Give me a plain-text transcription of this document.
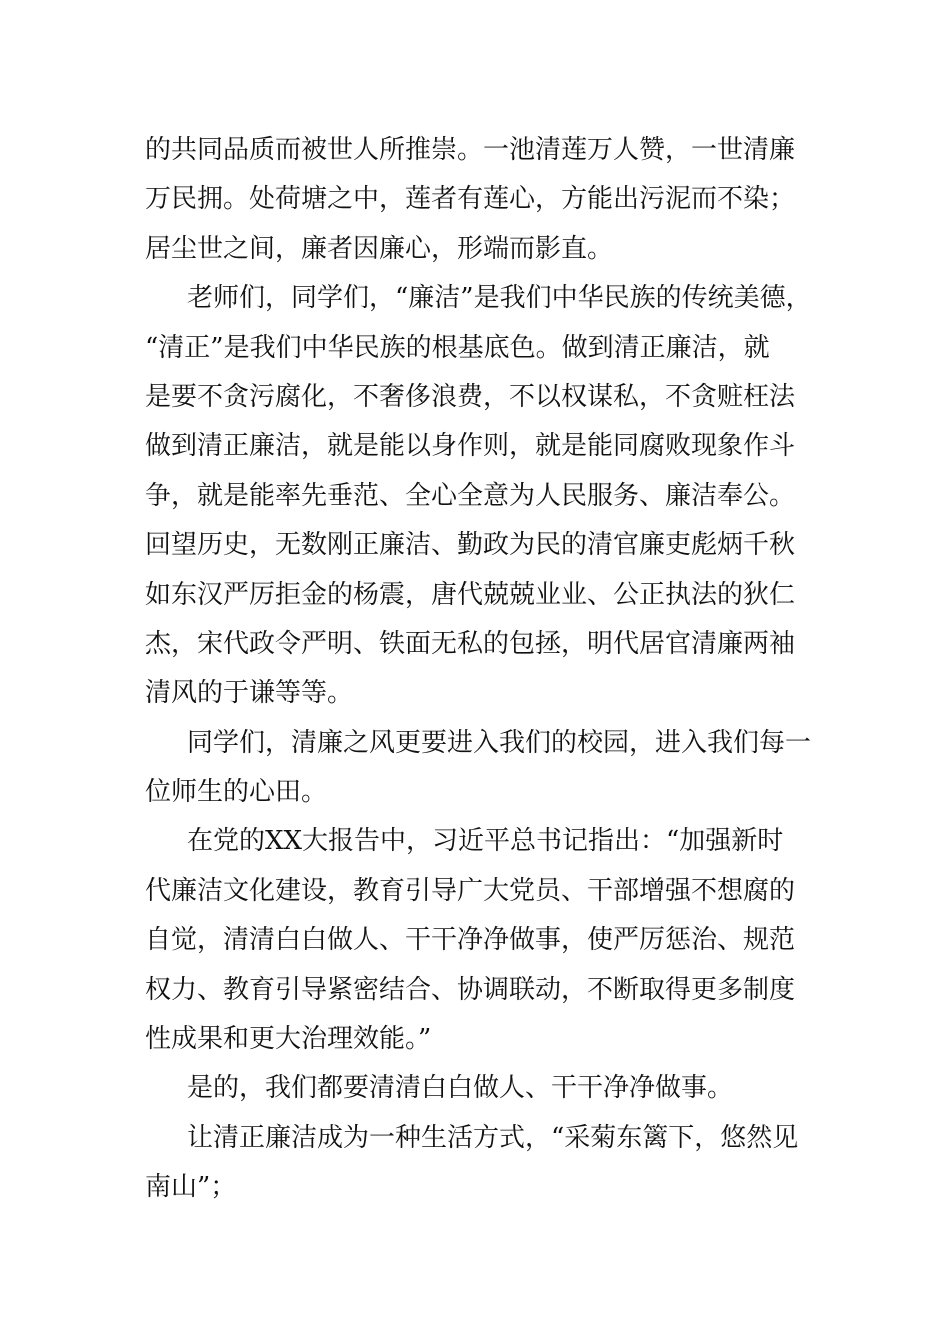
的共同品质而被世人所推崇。一池清莲万人赞，一世清廉
万民拥。处荷塘之中，莲者有莲心，方能出污泥而不染；
居尘世之间，廉者因廉心，形端而影直。
老师们，同学们，“廉洁”是我们中华民族的传统美德，
“清正”是我们中华民族的根基底色。做到清正廉洁，就
是要不贪污腐化，不奢侈浪费，不以权谋私，不贪赃枉法
做到清正廉洁，就是能以身作则，就是能同腐败现象作斗
争，就是能率先垂范、全心全意为人民服务、廉洁奉公。
回望历史，无数刚正廉洁、勤政为民的清官廉吏彪炳千秋
如东汉严厉拒金的杨震，唐代兢兢业业、公正执法的狄仁
杰，宋代政令严明、铁面无私的包拯，明代居官清廉两袖
清风的于谦等等。
同学们，清廉之风更要进入我们的校园，进入我们每一
位师生的心田。
在党的XX大报告中，习近平总书记指出：“加强新时
代廉洁文化建设，教育引导广大党员、干部增强不想腐的
自觉，清清白白做人、干干净净做事，使严厉惩治、规范
权力、教育引导紧密结合、协调联动，不断取得更多制度
性成果和更大治理效能。”
是的，我们都要清清白白做人、干干净净做事。
让清正廉洁成为一种生活方式，“采菊东篱下，悠然见
南山”；
